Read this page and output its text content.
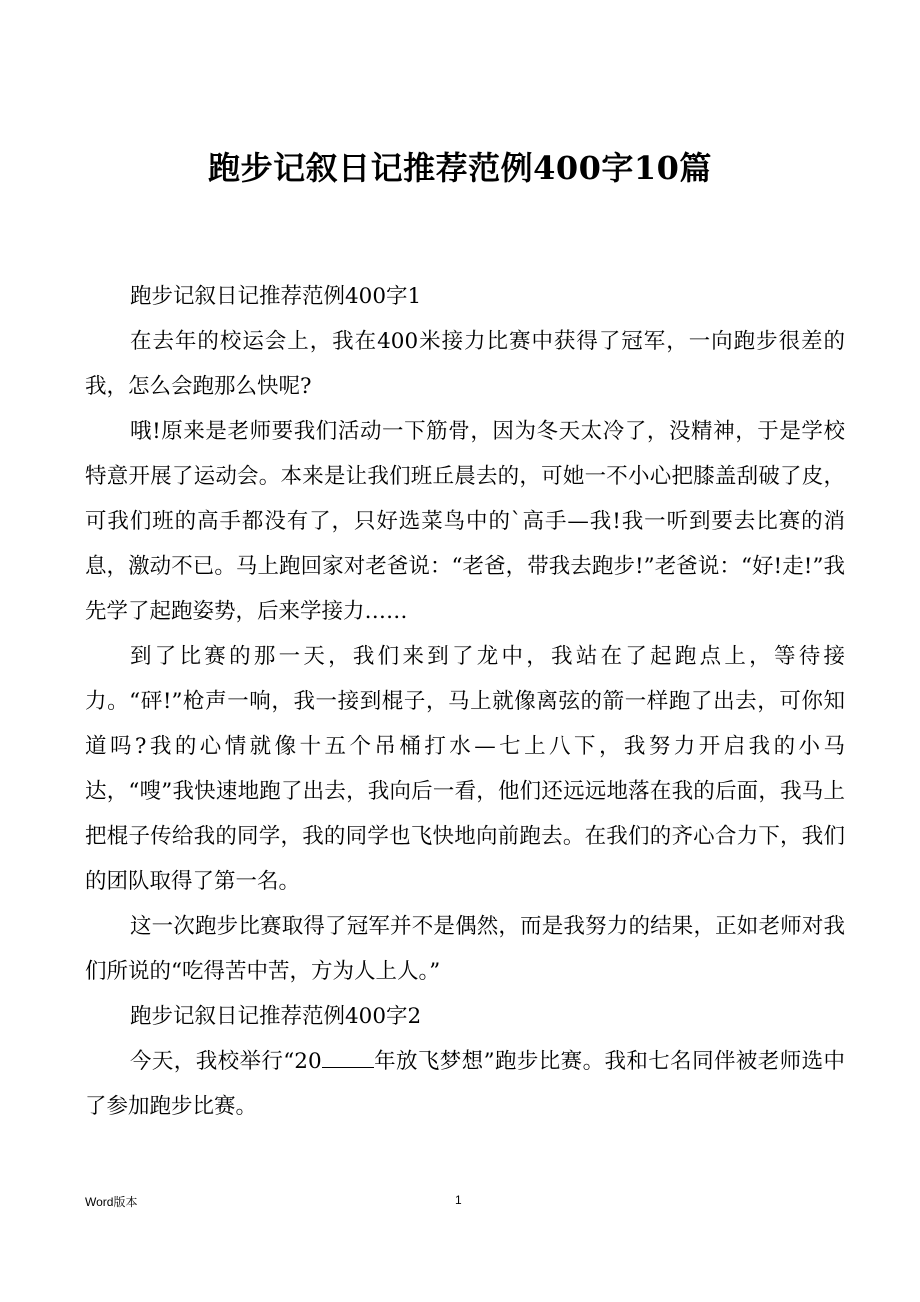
跑步记叙日记推荐范例400字10篇

跑步记叙日记推荐范例400字1

在去年的校运会上，我在400米接力比赛中获得了冠军，一向跑步很差的我，怎么会跑那么快呢?

哦!原来是老师要我们活动一下筋骨，因为冬天太冷了，没精神，于是学校特意开展了运动会。本来是让我们班丘晨去的，可她一不小心把膝盖刮破了皮，可我们班的高手都没有了，只好选菜鸟中的`高手—我!我一听到要去比赛的消息，激动不已。马上跑回家对老爸说：“老爸，带我去跑步!”老爸说：“好!走!”我先学了起跑姿势，后来学接力……

到了比赛的那一天，我们来到了龙中，我站在了起跑点上，等待接力。“砰!”枪声一响，我一接到棍子，马上就像离弦的箭一样跑了出去，可你知道吗?我的心情就像十五个吊桶打水—七上八下，我努力开启我的小马达，“嗖”我快速地跑了出去，我向后一看，他们还远远地落在我的后面，我马上把棍子传给我的同学，我的同学也飞快地向前跑去。在我们的齐心合力下，我们的团队取得了第一名。

这一次跑步比赛取得了冠军并不是偶然，而是我努力的结果，正如老师对我们所说的“吃得苦中苦，方为人上人。”

跑步记叙日记推荐范例400字2

今天，我校举行“20 年放飞梦想”跑步比赛。我和七名同伴被老师选中了参加跑步比赛。

Word版本	1
